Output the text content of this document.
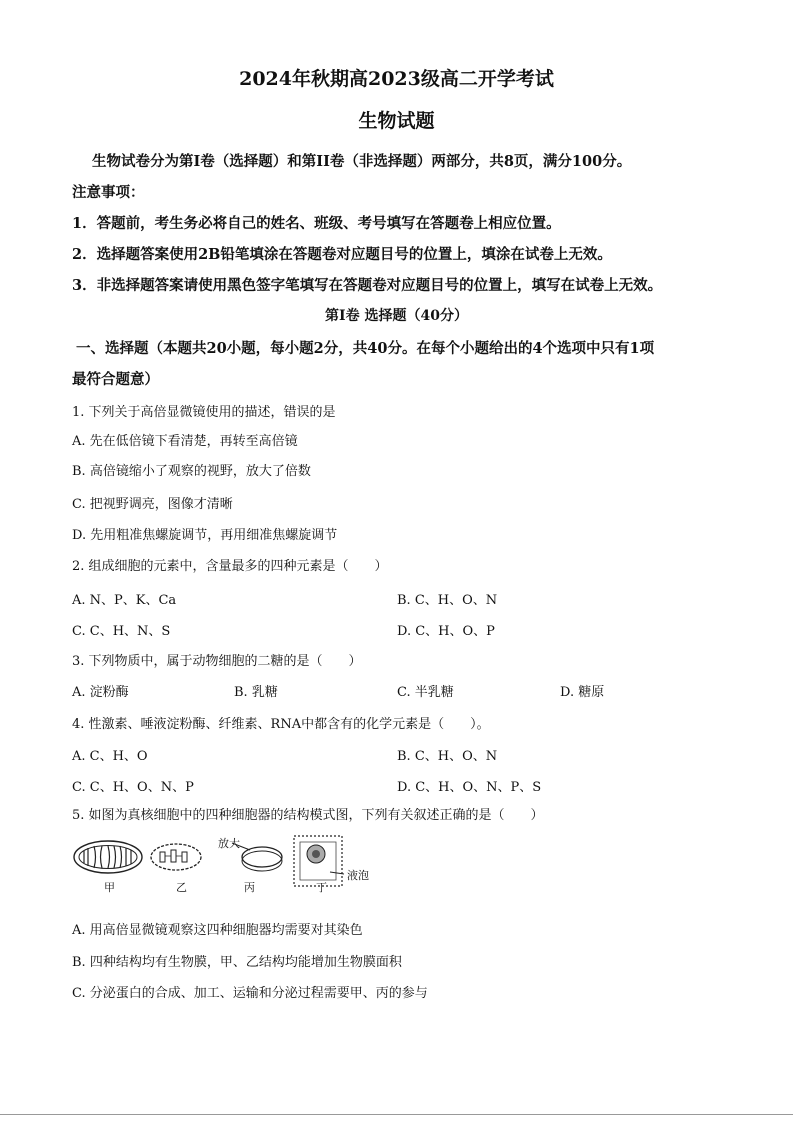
2024年秋期高2023级高二开学考试
生物试题
生物试卷分为第I卷（选择题）和第II卷（非选择题）两部分，共8页，满分100分。
注意事项：
1．答题前，考生务必将自己的姓名、班级、考号填写在答题卷上相应位置。
2．选择题答案使用2B铅笔填涂在答题卷对应题目号的位置上，填涂在试卷上无效。
3．非选择题答案请使用黑色签字笔填写在答题卷对应题目号的位置上，填写在试卷上无效。
第I卷 选择题（40分）
一、选择题（本题共20小题，每小题2分，共40分。在每个小题给出的4个选项中只有1项
最符合题意）
1. 下列关于高倍显微镜使用的描述，错误的是
A. 先在低倍镜下看清楚，再转至高倍镜
B. 高倍镜缩小了观察的视野，放大了倍数
C. 把视野调亮，图像才清晰
D. 先用粗准焦螺旋调节，再用细准焦螺旋调节
2. 组成细胞的元素中，含量最多的四种元素是（　　）
A. N、P、K、Ca	B. C、H、O、N
C. C、H、N、S	D. C、H、O、P
3. 下列物质中，属于动物细胞的二糖的是（　　）
A. 淀粉酶	B. 乳糖	C. 半乳糖	D. 糖原
4. 性激素、唾液淀粉酶、纤维素、RNA中都含有的化学元素是（　　）。
A. C、H、O	B. C、H、O、N
C. C、H、O、N、P	D. C、H、O、N、P、S
5. 如图为真核细胞中的四种细胞器的结构模式图，下列有关叙述正确的是（　　）
放大
液泡
甲	乙	丙	丁
A. 用高倍显微镜观察这四种细胞器均需要对其染色
B. 四种结构均有生物膜，甲、乙结构均能增加生物膜面积
C. 分泌蛋白的合成、加工、运输和分泌过程需要甲、丙的参与
